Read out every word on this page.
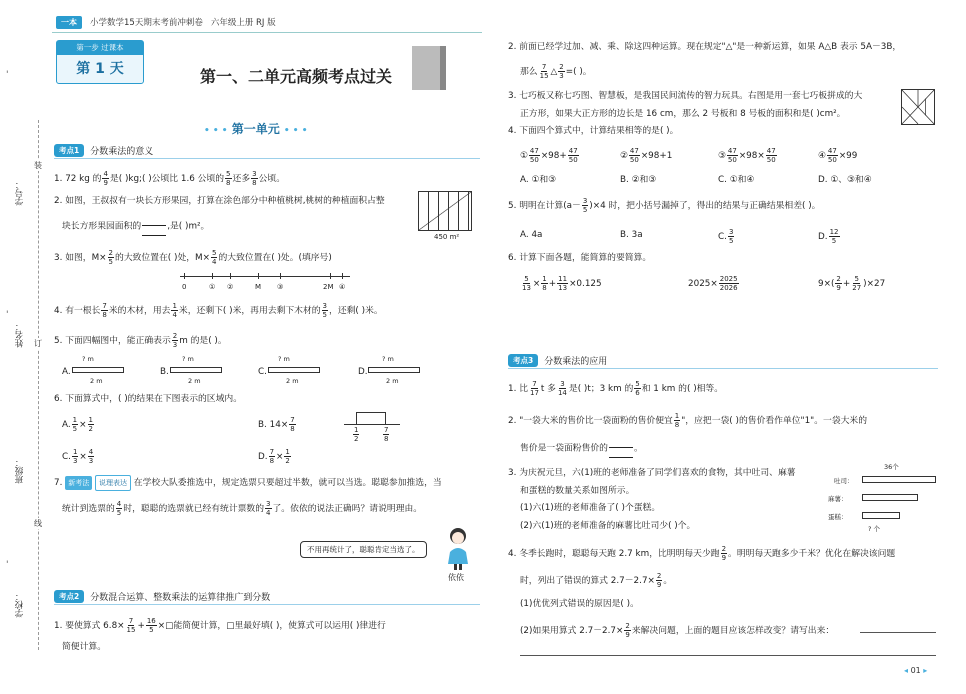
一本	小学数学15天期末考前冲刺卷 六年级上册 RJ 版
'
'
'
学号：
姓名：
班级：
学校：
装
订
线
第一步 过课本
第 1 天	第一、二单元高频考点过关
• • • 第一单元 • • •
考点1	分数乘法的意义
1. 72 kg 的 $\frac{4}{9}$ 是( )kg;( )公顷比 1.6 公顷的 $\frac{5}{8}$ 还多 $\frac{3}{8}$ 公顷。
2. 如图，王叔叔有一块长方形果园，打算在涂色部分中种植桃树,桃树的种植面积占整
块长方形果园面积的	,是( )m²。
450 m²
3. 如图，$M\times \frac{2}{5}$ 的大致位置在( )处，$M\times \frac{5}{4}$ 的大致位置在( )处。(填序号)
0	① ②	M ③	2M ④
4. 有一根长 $\frac{7}{8}$ 米的木材，用去 $\frac{1}{4}$ 米，还剩下( )米，再用去剩下木材的 $\frac{3}{5}$ ，还剩( )米。
5. 下面四幅图中，能正确表示 $\frac{2}{3}$ m 的是( )。
A.
? m
2 m
B.
? m
2 m
C.
? m
2 m
D.
? m
2 m
6. 下面算式中，( )的结果在下图表示的区域内。
A. $\frac{1}{5} \times \frac{1}{2}$	B. $14\times \frac{7}{8}$
C. $\frac{1}{3} \times \frac{4}{3}$	D. $\frac{7}{8} \times \frac{1}{2}$
$\frac{1}{2}$	$\frac{7}{8}$
7. 新考法 说理表达 在学校大队委推选中，规定选票只要超过半数，就可以当选。聪聪参加推选，当
统计到选票的 $\frac{4}{5}$ 时，聪聪的选票就已经有统计票数的 $\frac{3}{4}$ 了。依依的说法正确吗？请说明理由。
不用再统计了，聪聪肯定当选了。
依依
考点2	分数混合运算、整数乘法的运算律推广到分数
1. 要使算式 $6.8\times \frac{7}{15} + \frac{16}{5}$ ×□能简便计算，□里最好填( )，使算式可以运用( )律进行
简便计算。
2. 前面已经学过加、减、乘、除这四种运算。现在规定"△"是一种新运算，如果 A△B 表示 5A－3B，
那么 $\frac{7}{15}$ △ $\frac{2}{3}$ =( )。
3. 七巧板又称七巧图、智慧板，是我国民间流传的智力玩具。右图是用一套七巧板拼成的大
正方形，如果大正方形的边长是 16 cm，那么 2 号板和 8 号板的面积和是( )cm²。
4. 下面四个算式中，计算结果相等的是( )。
① $\frac{47}{50} \times 98+ \frac{47}{50}$	② $\frac{47}{50} \times 98+1$	③ $\frac{47}{50} \times 98\times \frac{47}{50}$	④ $\frac{47}{50} \times 99$
A. ①和③	B. ②和③	C. ①和④	D. ①、③和④
5. 明明在计算$(a- \frac{3}{5} )\times 4$ 时，把小括号漏掉了，得出的结果与正确结果相差( )。
A. 4a	B. 3a	C. $\frac{3}{5}$	D. $\frac{12}{5}$
6. 计算下面各题，能简算的要简算。
$\frac{5}{13} \times \frac{1}{8} + \frac{11}{13} \times 0.125$	$2025\times \frac{2025}{2026}$	$9\times( \frac{2}{9} + \frac{5}{27} )\times 27$
考点3	分数乘法的应用
1. 比 $\frac{7}{17}$ t 多 $\frac{3}{14}$ 是( )t；3 km 的 $\frac{5}{6}$ 和 1 km 的( )相等。
2. "一袋大米的售价比一袋面粉的售价便宜 $\frac{1}{8}$ "，应把一袋( )的售价看作单位"1"。一袋大米的
售价是一袋面粉售价的	。
3. 为庆祝元旦，六(1)班的老师准备了同学们喜欢的食物，其中吐司、麻薯
和蛋糕的数量关系如图所示。
(1)六(1)班的老师准备了( )个蛋糕。
(2)六(1)班的老师准备的麻薯比吐司少( )个。
36个
吐司：
麻薯：
蛋糕：
? 个
4. 冬季长跑时，聪聪每天跑 2.7 km，比明明每天少跑 $\frac{2}{9}$ 。明明每天跑多少千米？优化在解决该问题
时，列出了错误的算式 $2.7-2.7\times \frac{2}{9}$ 。
(1)优优列式错误的原因是( )。
(2)如果用算式 $2.7-2.7\times \frac{2}{9}$ 来解决问题，上面的题目应该怎样改变？请写出来：
◂ 01 ▸
